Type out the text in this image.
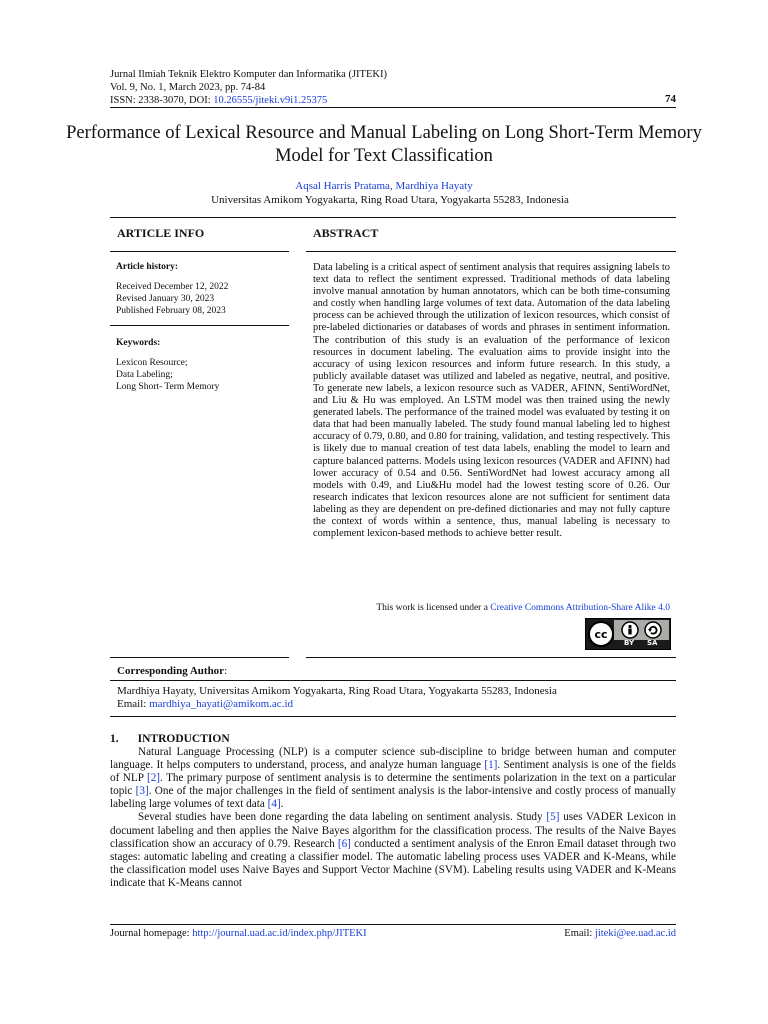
Jurnal Ilmiah Teknik Elektro Komputer dan Informatika (JITEKI)
Vol. 9, No. 1, March 2023, pp. 74-84
ISSN: 2338-3070, DOI: 10.26555/jiteki.v9i1.25375	74
Performance of Lexical Resource and Manual Labeling on Long Short-Term Memory Model for Text Classification
Aqsal Harris Pratama, Mardhiya Hayaty
Universitas Amikom Yogyakarta, Ring Road Utara, Yogyakarta 55283, Indonesia
ARTICLE INFO
Article history:
Received December 12, 2022
Revised January 30, 2023
Published February 08, 2023
Keywords:
Lexicon Resource;
Data Labeling;
Long Short- Term Memory
ABSTRACT
Data labeling is a critical aspect of sentiment analysis that requires assigning labels to text data to reflect the sentiment expressed. Traditional methods of data labeling involve manual annotation by human annotators, which can be both time-consuming and costly when handling large volumes of text data. Automation of the data labeling process can be achieved through the utilization of lexicon resources, which consist of pre-labeled dictionaries or databases of words and phrases in sentiment information. The contribution of this study is an evaluation of the performance of lexicon resources in document labeling. The evaluation aims to provide insight into the accuracy of using lexicon resources and inform future research. In this study, a publicly available dataset was utilized and labeled as negative, neutral, and positive. To generate new labels, a lexicon resource such as VADER, AFINN, SentiWordNet, and Liu & Hu was employed. An LSTM model was then trained using the newly generated labels. The performance of the trained model was evaluated by testing it on data that had been manually labeled. The study found manual labeling led to highest accuracy of 0.79, 0.80, and 0.80 for training, validation, and testing respectively. This is likely due to manual creation of test data labels, enabling the model to learn and capture balanced patterns. Models using lexicon resources (VADER and AFINN) had lower accuracy of 0.54 and 0.56. SentiWordNet had lowest accuracy among all models with 0.49, and Liu&Hu model had the lowest testing score of 0.26. Our research indicates that lexicon resources alone are not sufficient for sentiment data labeling as they are dependent on pre-defined dictionaries and may not fully capture the context of words within a sentence, thus, manual labeling is necessary to complement lexicon-based methods to achieve better result.
This work is licensed under a Creative Commons Attribution-Share Alike 4.0
cc
BY SA
Corresponding Author:
Mardhiya Hayaty, Universitas Amikom Yogyakarta, Ring Road Utara, Yogyakarta 55283, Indonesia
Email: mardhiya_hayati@amikom.ac.id
1. INTRODUCTION

Natural Language Processing (NLP) is a computer science sub-discipline to bridge between human and computer language. It helps computers to understand, process, and analyze human language [1]. Sentiment analysis is one of the fields of NLP [2]. The primary purpose of sentiment analysis is to determine the sentiments polarization in the text on a particular topic [3]. One of the major challenges in the field of sentiment analysis is the labor-intensive and costly process of manually labeling large volumes of text data [4].

Several studies have been done regarding the data labeling on sentiment analysis. Study [5] uses VADER Lexicon in document labeling and then applies the Naive Bayes algorithm for the classification process. The results of the Naive Bayes classification show an accuracy of 0.79. Research [6] conducted a sentiment analysis of the Enron Email dataset through two stages: automatic labeling and creating a classifier model. The automatic labeling process uses VADER and K-Means, while the classification model uses Naive Bayes and Support Vector Machine (SVM). Labeling results using VADER and K-Means indicate that K-Means cannot

Journal homepage: http://journal.uad.ac.id/index.php/JITEKI	Email: jiteki@ee.uad.ac.id
